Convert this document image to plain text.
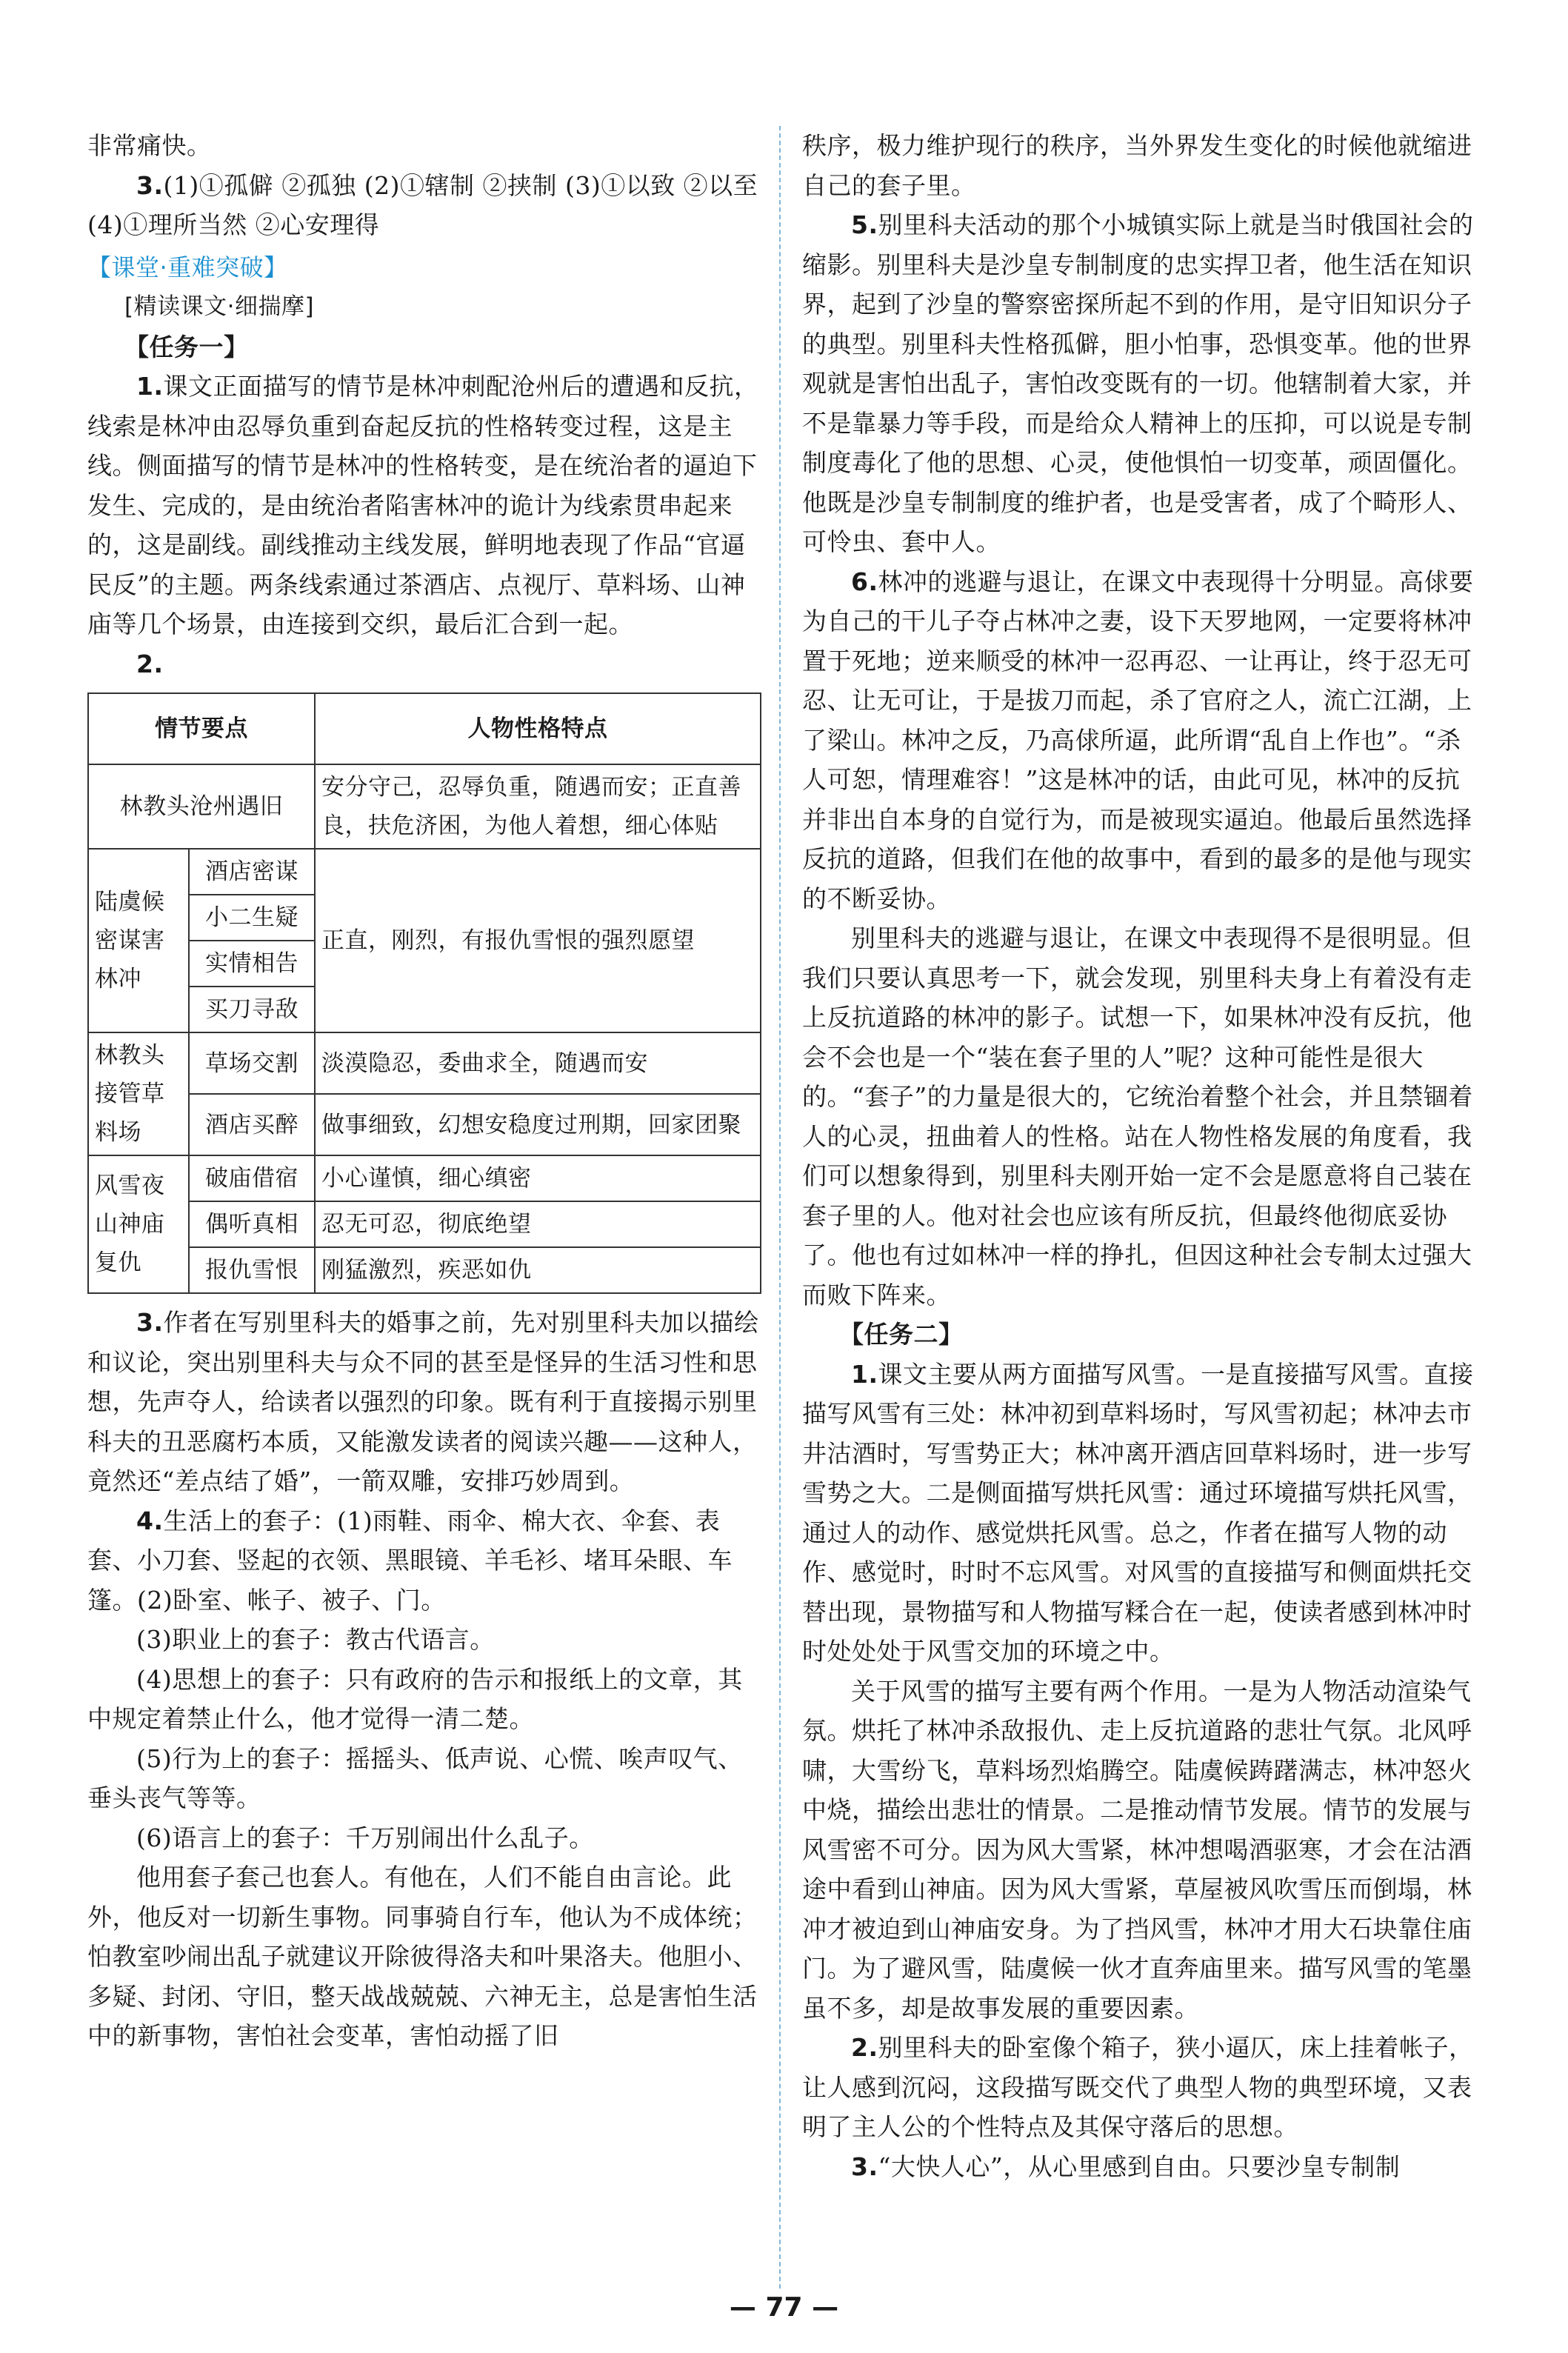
非常痛快。

3.(1)①孤僻 ②孤独 (2)①辖制 ②挟制 (3)①以致 ②以至 (4)①理所当然 ②心安理得

【课堂·重难突破】

[精读课文·细揣摩]

【任务一】

1.课文正面描写的情节是林冲刺配沧州后的遭遇和反抗，线索是林冲由忍辱负重到奋起反抗的性格转变过程，这是主线。侧面描写的情节是林冲的性格转变，是在统治者的逼迫下发生、完成的，是由统治者陷害林冲的诡计为线索贯串起来的，这是副线。副线推动主线发展，鲜明地表现了作品“官逼民反”的主题。两条线索通过茶酒店、点视厅、草料场、山神庙等几个场景，由连接到交织，最后汇合到一起。

2.

情节要点		人物性格特点
林教头沧州遇旧		安分守己，忍辱负重，随遇而安；正直善良，扶危济困，为他人着想，细心体贴
陆虞候密谋害林冲	酒店密谋	正直，刚烈，有报仇雪恨的强烈愿望
	小二生疑	
	实情相告	
	买刀寻敌	
林教头接管草料场	草场交割	淡漠隐忍，委曲求全，随遇而安
	酒店买醉	做事细致，幻想安稳度过刑期，回家团聚
风雪夜山神庙复仇	破庙借宿	小心谨慎，细心缜密
	偶听真相	忍无可忍，彻底绝望
	报仇雪恨	刚猛激烈，疾恶如仇

3.作者在写别里科夫的婚事之前，先对别里科夫加以描绘和议论，突出别里科夫与众不同的甚至是怪异的生活习性和思想，先声夺人，给读者以强烈的印象。既有利于直接揭示别里科夫的丑恶腐朽本质，又能激发读者的阅读兴趣——这种人，竟然还“差点结了婚”，一箭双雕，安排巧妙周到。

4.生活上的套子：(1)雨鞋、雨伞、棉大衣、伞套、表套、小刀套、竖起的衣领、黑眼镜、羊毛衫、堵耳朵眼、车篷。(2)卧室、帐子、被子、门。

(3)职业上的套子：教古代语言。

(4)思想上的套子：只有政府的告示和报纸上的文章，其中规定着禁止什么，他才觉得一清二楚。

(5)行为上的套子：摇摇头、低声说、心慌、唉声叹气、垂头丧气等等。

(6)语言上的套子：千万别闹出什么乱子。

他用套子套己也套人。有他在，人们不能自由言论。此外，他反对一切新生事物。同事骑自行车，他认为不成体统；怕教室吵闹出乱子就建议开除彼得洛夫和叶果洛夫。他胆小、多疑、封闭、守旧，整天战战兢兢、六神无主，总是害怕生活中的新事物，害怕社会变革，害怕动摇了旧

秩序，极力维护现行的秩序，当外界发生变化的时候他就缩进自己的套子里。

5.别里科夫活动的那个小城镇实际上就是当时俄国社会的缩影。别里科夫是沙皇专制制度的忠实捍卫者，他生活在知识界，起到了沙皇的警察密探所起不到的作用，是守旧知识分子的典型。别里科夫性格孤僻，胆小怕事，恐惧变革。他的世界观就是害怕出乱子，害怕改变既有的一切。他辖制着大家，并不是靠暴力等手段，而是给众人精神上的压抑，可以说是专制制度毒化了他的思想、心灵，使他惧怕一切变革，顽固僵化。他既是沙皇专制制度的维护者，也是受害者，成了个畸形人、可怜虫、套中人。

6.林冲的逃避与退让，在课文中表现得十分明显。高俅要为自己的干儿子夺占林冲之妻，设下天罗地网，一定要将林冲置于死地；逆来顺受的林冲一忍再忍、一让再让，终于忍无可忍、让无可让，于是拔刀而起，杀了官府之人，流亡江湖，上了梁山。林冲之反，乃高俅所逼，此所谓“乱自上作也”。“杀人可恕，情理难容！”这是林冲的话，由此可见，林冲的反抗并非出自本身的自觉行为，而是被现实逼迫。他最后虽然选择反抗的道路，但我们在他的故事中，看到的最多的是他与现实的不断妥协。

别里科夫的逃避与退让，在课文中表现得不是很明显。但我们只要认真思考一下，就会发现，别里科夫身上有着没有走上反抗道路的林冲的影子。试想一下，如果林冲没有反抗，他会不会也是一个“装在套子里的人”呢？这种可能性是很大的。“套子”的力量是很大的，它统治着整个社会，并且禁锢着人的心灵，扭曲着人的性格。站在人物性格发展的角度看，我们可以想象得到，别里科夫刚开始一定不会是愿意将自己装在套子里的人。他对社会也应该有所反抗，但最终他彻底妥协了。他也有过如林冲一样的挣扎，但因这种社会专制太过强大而败下阵来。

【任务二】

1.课文主要从两方面描写风雪。一是直接描写风雪。直接描写风雪有三处：林冲初到草料场时，写风雪初起；林冲去市井沽酒时，写雪势正大；林冲离开酒店回草料场时，进一步写雪势之大。二是侧面描写烘托风雪：通过环境描写烘托风雪，通过人的动作、感觉烘托风雪。总之，作者在描写人物的动作、感觉时，时时不忘风雪。对风雪的直接描写和侧面烘托交替出现，景物描写和人物描写糅合在一起，使读者感到林冲时时处处处于风雪交加的环境之中。

关于风雪的描写主要有两个作用。一是为人物活动渲染气氛。烘托了林冲杀敌报仇、走上反抗道路的悲壮气氛。北风呼啸，大雪纷飞，草料场烈焰腾空。陆虞候踌躇满志，林冲怒火中烧，描绘出悲壮的情景。二是推动情节发展。情节的发展与风雪密不可分。因为风大雪紧，林冲想喝酒驱寒，才会在沽酒途中看到山神庙。因为风大雪紧，草屋被风吹雪压而倒塌，林冲才被迫到山神庙安身。为了挡风雪，林冲才用大石块靠住庙门。为了避风雪，陆虞候一伙才直奔庙里来。描写风雪的笔墨虽不多，却是故事发展的重要因素。

2.别里科夫的卧室像个箱子，狭小逼仄，床上挂着帐子，让人感到沉闷，这段描写既交代了典型人物的典型环境，又表明了主人公的个性特点及其保守落后的思想。

3.“大快人心”，从心里感到自由。只要沙皇专制制

— 77 —
